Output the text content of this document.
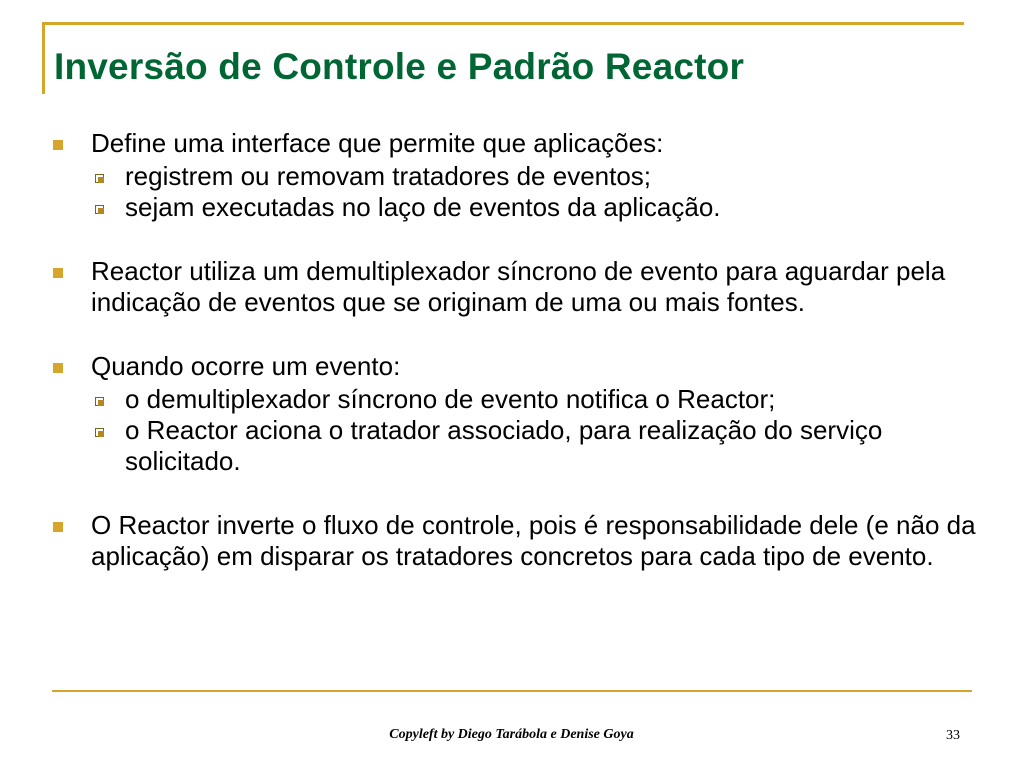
Inversão de Controle e Padrão Reactor
Define uma interface que permite que aplicações:
registrem ou removam tratadores de eventos;
sejam executadas no laço de eventos da aplicação.
Reactor utiliza um demultiplexador síncrono de evento para aguardar pela indicação de eventos que se originam de uma ou mais fontes.
Quando ocorre um evento:
o demultiplexador síncrono de evento notifica o Reactor;
o Reactor aciona o tratador associado, para realização do serviço solicitado.
O Reactor inverte o fluxo de controle, pois é responsabilidade dele (e não da aplicação) em disparar os tratadores concretos para cada tipo de evento.
Copyleft by Diego Tarábola e Denise Goya	33
